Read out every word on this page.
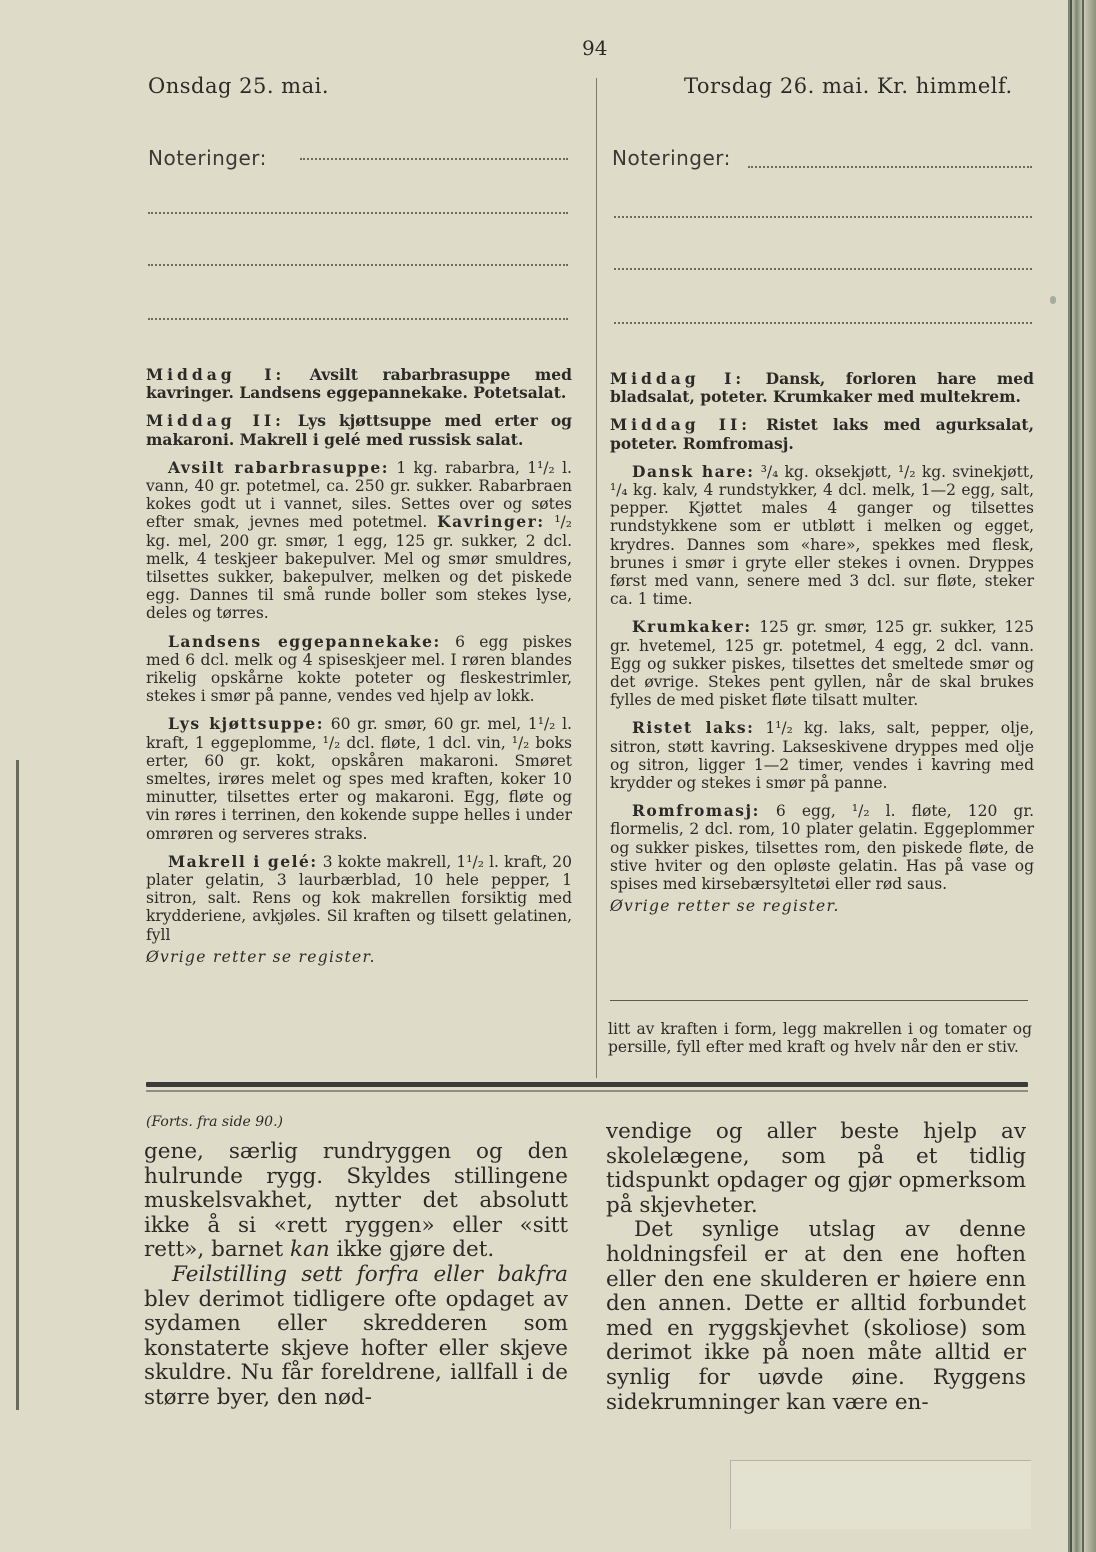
94
Onsdag 25. mai.	Torsdag 26. mai. Kr. himmelf.
Noteringer:	Noteringer:

Middag I: Avsilt rabarbrasuppe med kavringer. Landsens eggepannekake. Potetsalat.

Middag II: Lys kjøttsuppe med erter og makaroni. Makrell i gelé med russisk salat.

Avsilt rabarbrasuppe: 1 kg. rabarbra, 1¹/₂ l. vann, 40 gr. potetmel, ca. 250 gr. sukker. Rabarbraen kokes godt ut i vannet, siles. Settes over og søtes efter smak, jevnes med potetmel. Kavringer: ¹/₂ kg. mel, 200 gr. smør, 1 egg, 125 gr. sukker, 2 dcl. melk, 4 teskjeer bakepulver. Mel og smør smuldres, tilsettes sukker, bakepulver, melken og det piskede egg. Dannes til små runde boller som stekes lyse, deles og tørres.

Landsens eggepannekake: 6 egg piskes med 6 dcl. melk og 4 spiseskjeer mel. I røren blandes rikelig opskårne kokte poteter og fleskestrimler, stekes i smør på panne, vendes ved hjelp av lokk.

Lys kjøttsuppe: 60 gr. smør, 60 gr. mel, 1¹/₂ l. kraft, 1 eggeplomme, ¹/₂ dcl. fløte, 1 dcl. vin, ¹/₂ boks erter, 60 gr. kokt, opskåren makaroni. Smøret smeltes, irøres melet og spes med kraften, koker 10 minutter, tilsettes erter og makaroni. Egg, fløte og vin røres i terrinen, den kokende suppe helles i under omrøren og serveres straks.

Makrell i gelé: 3 kokte makrell, 1¹/₂ l. kraft, 20 plater gelatin, 3 laurbærblad, 10 hele pepper, 1 sitron, salt. Rens og kok makrellen forsiktig med krydderiene, avkjøles. Sil kraften og tilsett gelatinen, fyll

Øvrige retter se register.

Middag I: Dansk, forloren hare med bladsalat, poteter. Krumkaker med multekrem.

Middag II: Ristet laks med agurksalat, poteter. Romfromasj.

Dansk hare: ³/₄ kg. oksekjøtt, ¹/₂ kg. svinekjøtt, ¹/₄ kg. kalv, 4 rundstykker, 4 dcl. melk, 1—2 egg, salt, pepper. Kjøttet males 4 ganger og tilsettes rundstykkene som er utbløtt i melken og egget, krydres. Dannes som «hare», spekkes med flesk, brunes i smør i gryte eller stekes i ovnen. Dryppes først med vann, senere med 3 dcl. sur fløte, steker ca. 1 time.

Krumkaker: 125 gr. smør, 125 gr. sukker, 125 gr. hvetemel, 125 gr. potetmel, 4 egg, 2 dcl. vann. Egg og sukker piskes, tilsettes det smeltede smør og det øvrige. Stekes pent gyllen, når de skal brukes fylles de med pisket fløte tilsatt multer.

Ristet laks: 1¹/₂ kg. laks, salt, pepper, olje, sitron, støtt kavring. Lakseskivene dryppes med olje og sitron, ligger 1—2 timer, vendes i kavring med krydder og stekes i smør på panne.

Romfromasj: 6 egg, ¹/₂ l. fløte, 120 gr. flormelis, 2 dcl. rom, 10 plater gelatin. Eggeplommer og sukker piskes, tilsettes rom, den piskede fløte, de stive hviter og den opløste gelatin. Has på vase og spises med kirsebærsyltetøi eller rød saus.

Øvrige retter se register.

litt av kraften i form, legg makrellen i og tomater og persille, fyll efter med kraft og hvelv når den er stiv.
(Forts. fra side 90.)

gene, særlig rundryggen og den hulrunde rygg. Skyldes stillingene muskelsvakhet, nytter det absolutt ikke å si «rett ryggen» eller «sitt rett», barnet kan ikke gjøre det.

Feilstilling sett forfra eller bakfra blev derimot tidligere ofte opdaget av sydamen eller skredderen som konstaterte skjeve hofter eller skjeve skuldre. Nu får foreldrene, iallfall i de større byer, den nød-

vendige og aller beste hjelp av skolelægene, som på et tidlig tidspunkt opdager og gjør opmerksom på skjevheter.

Det synlige utslag av denne holdningsfeil er at den ene hoften eller den ene skulderen er høiere enn den annen. Dette er alltid forbundet med en ryggskjevhet (skoliose) som derimot ikke på noen måte alltid er synlig for uøvde øine. Ryggens sidekrumninger kan være en-
